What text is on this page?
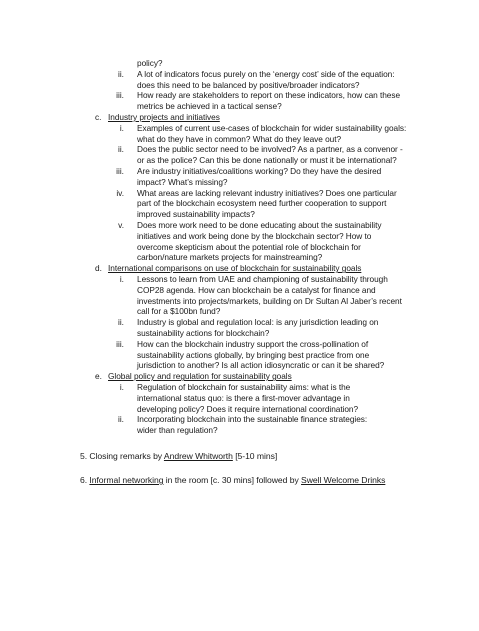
policy?
ii. A lot of indicators focus purely on the ‘energy cost’ side of the equation:
does this need to be balanced by positive/broader indicators?
iii. How ready are stakeholders to report on these indicators, how can these
metrics be achieved in a tactical sense?
c. Industry projects and initiatives
i. Examples of current use-cases of blockchain for wider sustainability goals:
what do they have in common? What do they leave out?
ii. Does the public sector need to be involved? As a partner, as a convenor -
or as the police? Can this be done nationally or must it be international?
iii. Are industry initiatives/coalitions working? Do they have the desired
impact? What’s missing?
iv. What areas are lacking relevant industry initiatives? Does one particular
part of the blockchain ecosystem need further cooperation to support
improved sustainability impacts?
v. Does more work need to be done educating about the sustainability
initiatives and work being done by the blockchain sector? How to
overcome skepticism about the potential role of blockchain for
carbon/nature markets projects for mainstreaming?
d. International comparisons on use of blockchain for sustainability goals
i. Lessons to learn from UAE and championing of sustainability through
COP28 agenda. How can blockchain be a catalyst for finance and
investments into projects/markets, building on Dr Sultan Al Jaber’s recent
call for a $100bn fund?
ii. Industry is global and regulation local: is any jurisdiction leading on
sustainability actions for blockchain?
iii. How can the blockchain industry support the cross-pollination of
sustainability actions globally, by bringing best practice from one
jurisdiction to another? Is all action idiosyncratic or can it be shared?
e. Global policy and regulation for sustainability goals
i. Regulation of blockchain for sustainability aims: what is the
international status quo: is there a first-mover advantage in
developing policy? Does it require international coordination?
ii. Incorporating blockchain into the sustainable finance strategies:
wider than regulation?
5. Closing remarks by Andrew Whitworth [5-10 mins]
6. Informal networking in the room [c. 30 mins] followed by Swell Welcome Drinks
